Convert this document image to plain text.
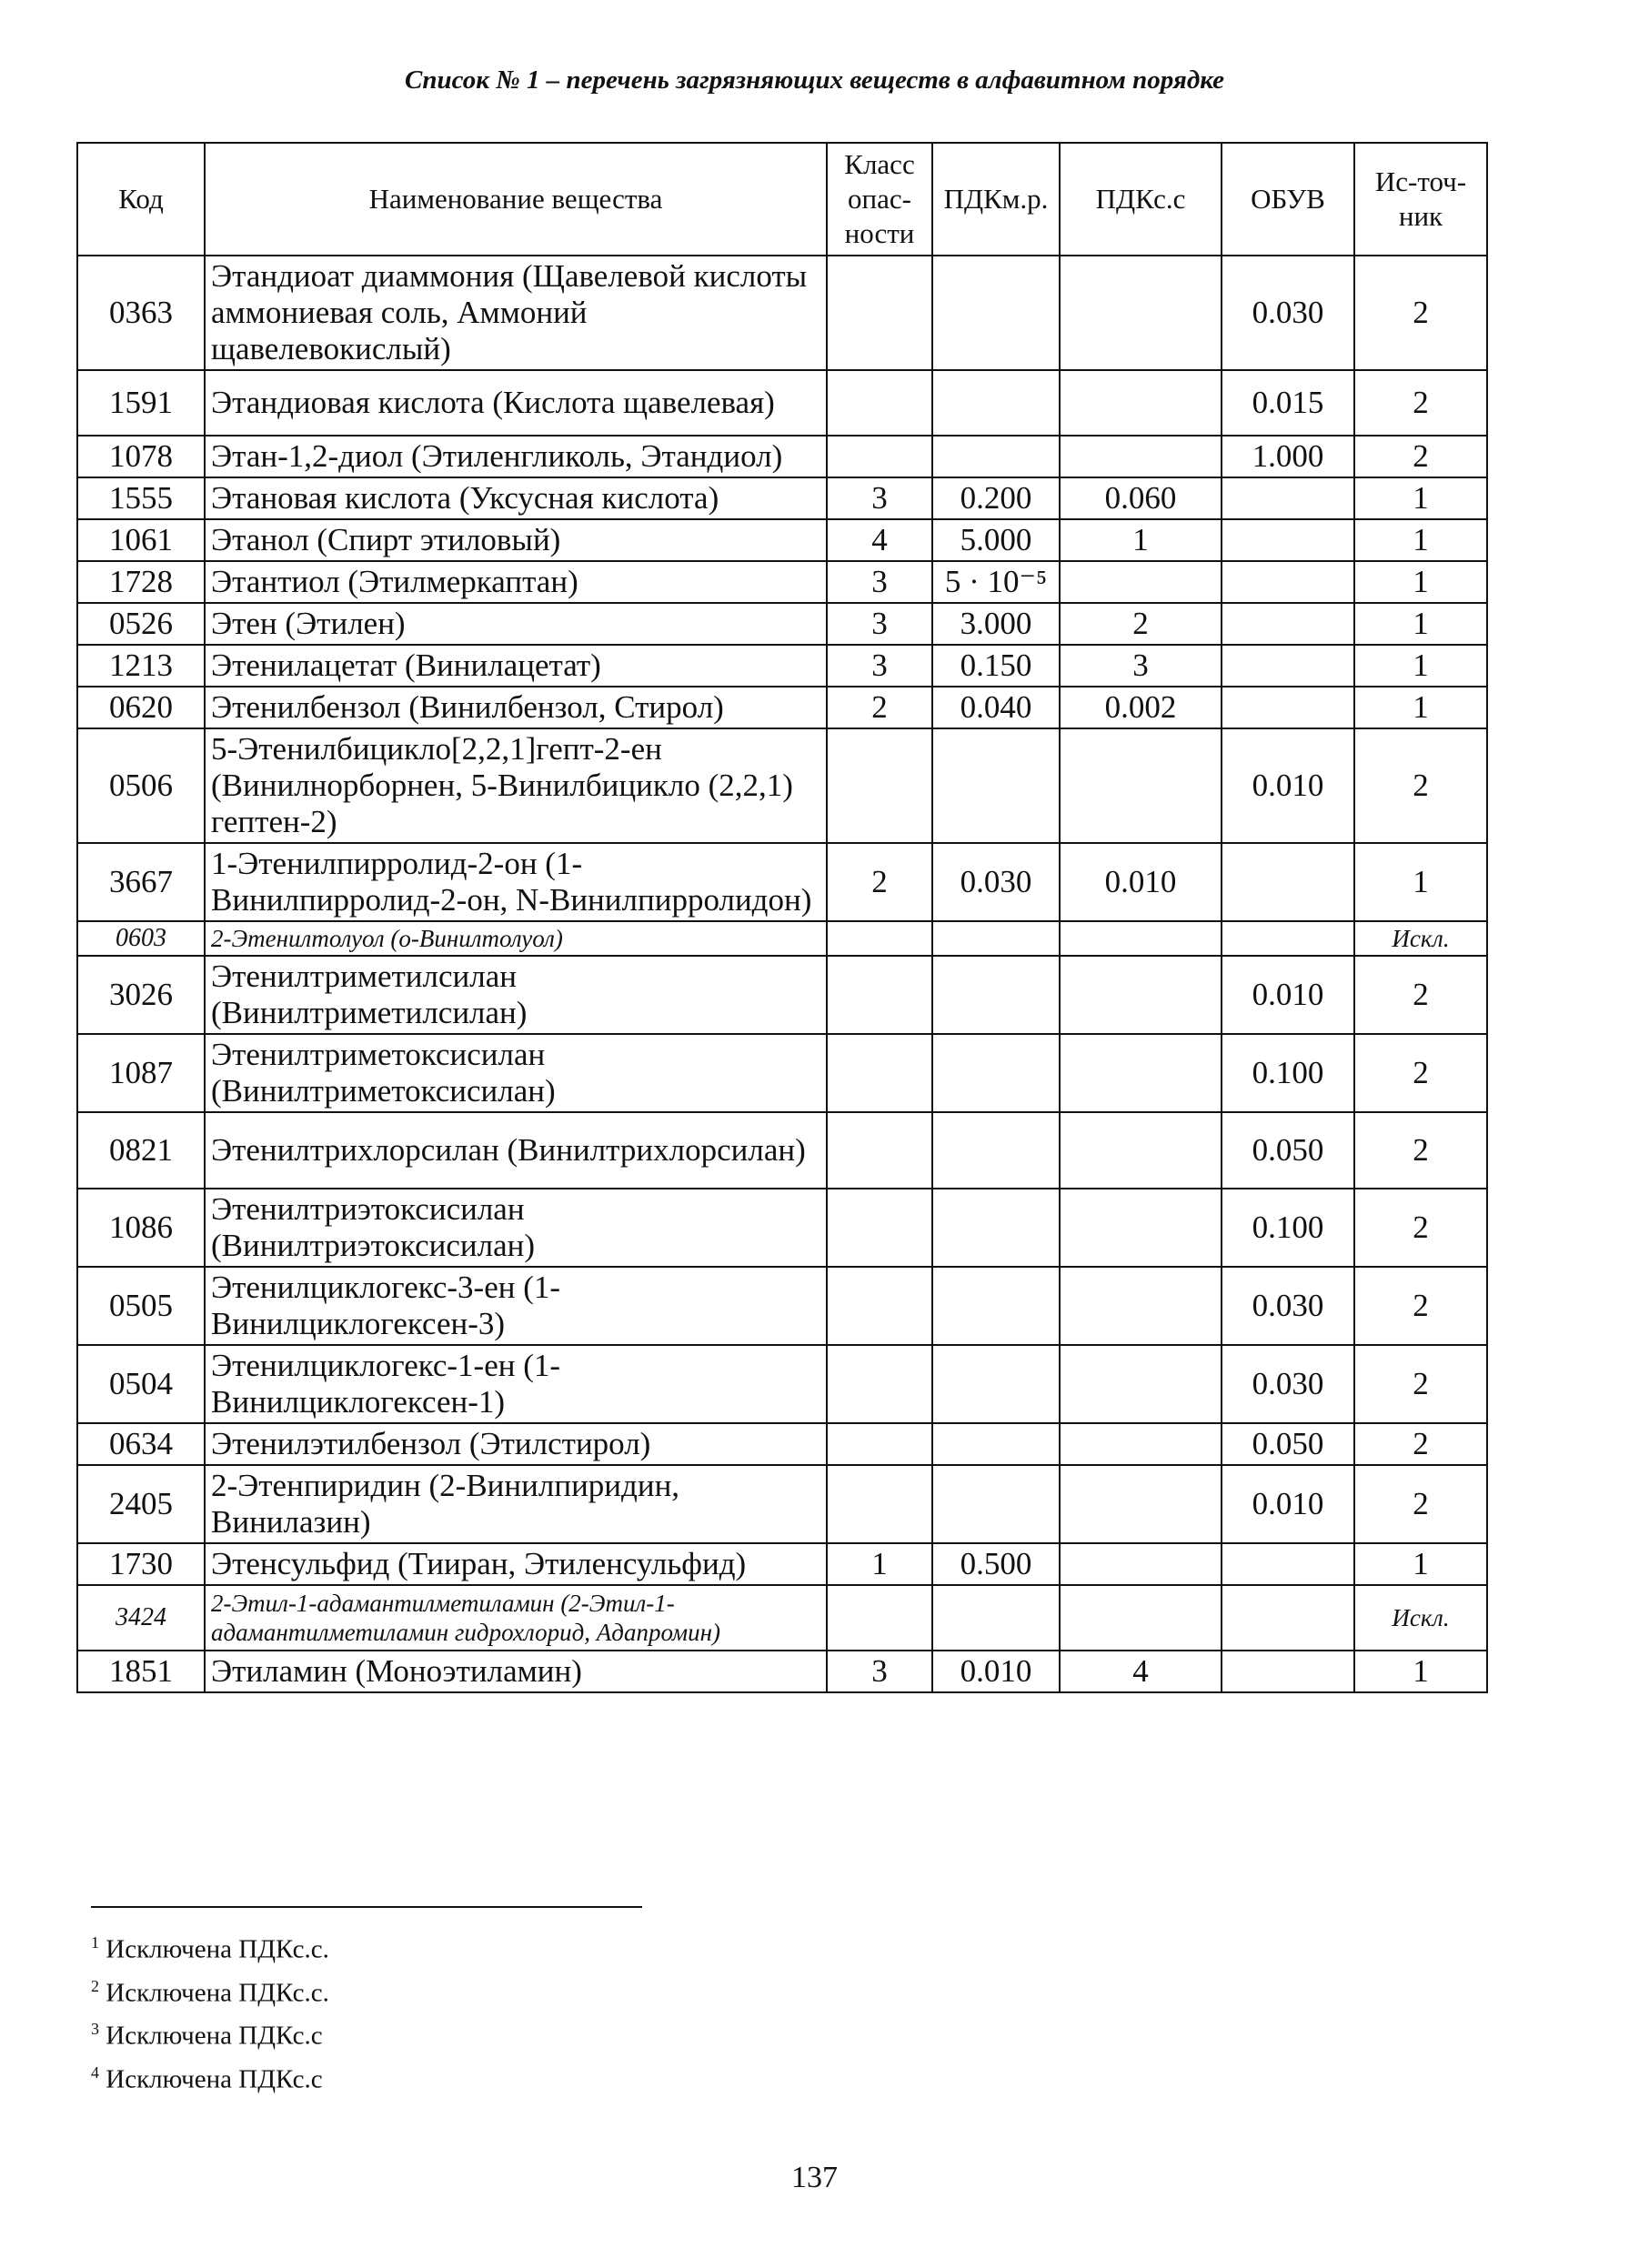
Список № 1 – перечень загрязняющих веществ в алфавитном порядке
Код	Наименование вещества	Класс опас-ности	ПДКм.р.	ПДКс.с	ОБУВ	Ис-точ-ник
0363	Этандиоат диаммония (Щавелевой кислоты аммониевая соль, Аммоний щавелевокислый)				0.030	2
1591	Этандиовая кислота (Кислота щавелевая)				0.015	2
1078	Этан-1,2-диол (Этиленгликоль, Этандиол)				1.000	2
1555	Этановая кислота (Уксусная кислота)	3	0.200	0.060		1
1061	Этанол (Спирт этиловый)	4	5.000	1		1
1728	Этантиол (Этилмеркаптан)	3	5 · 10⁻⁵			1
0526	Этен (Этилен)	3	3.000	2		1
1213	Этенилацетат (Винилацетат)	3	0.150	3		1
0620	Этенилбензол (Винилбензол, Стирол)	2	0.040	0.002		1
0506	5-Этенилбицикло[2,2,1]гепт-2-ен (Винилнорборнен, 5-Винилбицикло (2,2,1) гептен-2)				0.010	2
3667	1-Этенилпирролид-2-он (1-Винилпирролид-2-он, N-Винилпирролидон)	2	0.030	0.010		1
0603	2-Этенилтолуол (о-Винилтолуол)					Искл.
3026	Этенилтриметилсилан (Винилтриметилсилан)				0.010	2
1087	Этенилтриметоксисилан (Винилтриметоксисилан)				0.100	2
0821	Этенилтрихлорсилан (Винилтрихлорсилан)				0.050	2
1086	Этенилтриэтоксисилан (Винилтриэтоксисилан)				0.100	2
0505	Этенилциклогекс-3-ен (1-Винилциклогексен-3)				0.030	2
0504	Этенилциклогекс-1-ен (1-Винилциклогексен-1)				0.030	2
0634	Этенилэтилбензол (Этилстирол)				0.050	2
2405	2-Этенпиридин (2-Винилпиридин, Винилазин)				0.010	2
1730	Этенсульфид (Тииран, Этиленсульфид)	1	0.500			1
3424	2-Этил-1-адамантилметиламин (2-Этил-1-адамантилметиламин гидрохлорид, Адапромин)					Искл.
1851	Этиламин (Моноэтиламин)	3	0.010	4		1
$^1$ Исключена ПДКс.с.
$^2$ Исключена ПДКс.с.
$^3$ Исключена ПДКс.с
$^4$ Исключена ПДКс.с
137
